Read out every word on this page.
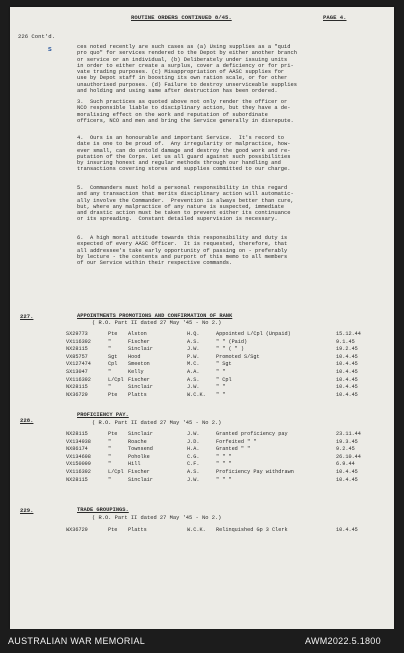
ROUTINE ORDERS CONTINUED 8/45.	PAGE 4.
226 Cont'd.
S	ces noted recently are such cases as (a) Using supplies as a "quid
pro quo" for services rendered to the Depot by either another branch
or service or an individual, (b) Deliberately under issuing units
in order to either create a surplus, cover a deficiency or for pri-
vate trading purposes. (c) Misappropriation of AASC supplies for
use by Depot staff in boosting its own ration scale, or for other
unauthorised purposes. (d) Failure to destroy unserviceable supplies
and holding and using same after destruction has been ordered.
3.  Such practices as quoted above not only render the officer or
NCO responsible liable to disciplinary action, but they have a de-
moralising effect on the work and reputation of subordinate
officers, NCO and men and bring the Service generally in disrepute.
4.  Ours is an honourable and important Service.  It's record to
date is one to be proud of.  Any irregularity or malpractice, how-
ever small, can do untold damage and destroy the good work and re-
putation of the Corps. Let us all guard against such possibilities
by insuring honest and regular methods through our handling and
transactions covering stores and supplies committed to our charge.
5.  Commanders must hold a personal responsibility in this regard
and any transaction that merits disciplinary action will automatic-
ally involve the Commander.  Prevention is always better than cure,
but, where any malpractice of any nature is suspected, immediate
and drastic action must be taken to prevent either its continuance
or its spreading.  Constant detailed supervision is necessary.
6.  A high moral attitude towards this responsibility and duty is
expected of every AASC Officer.  It is requested, therefore, that
all addressee's take early opportunity of passing on - preferably
by lecture - the contents and purport of this memo to all members
of our Service within their respective commands.
227.	APPOINTMENTS PROMOTIONS AND CONFIRMATION OF RANK
( R.O. Part II dated 27 May '45 - No 2.)
SX29773	Pte Alston	H.Q.	Appointed L/Cpl (Unpaid)	15.12.44
VX116392	"	Fischer	A.S.	" " (Paid)	9.1.45
NX28115	"	Sinclair	J.W.	" " ( " )	19.2.45
VX85757	Sgt Hood	P.W.	Promoted S/Sgt	10.4.45
VX127474	Cpl Smeeton	M.C.	" Sgt	10.4.45
SX13047	"	Kelly	A.A.	" "	10.4.45
VX116392	L/Cpl Fischer	A.S.	" Cpl	10.4.45
NX28115	"	Sinclair	J.W.	" "	10.4.45
NX36729	Pte Platts	W.C.K. " "	10.4.45
228.
PROFICIENCY PAY.
( R.O. Part II dated 27 May '45 - No 2.)
NX28115	Pte Sinclair	J.W.	Granted proficiency pay	23.11.44
VX134938	"	Roache	J.D.	Forfeited " "	19.3.45
NX86174	"	Townsend	H.A.	Granted " "	9.2.45
VX134698	"	Poholke	C.G.	" " "	26.10.44
VX150099	"	Hill	C.F.	" " "	6.9.44
VX116392	L/Cpl Fischer	A.S.	Proficiency Pay withdrawn	10.4.45
NX28115	"	Sinclair	J.W.	" " "	10.4.45
229.	TRADE GROUPINGS.
( R.O. Part II dated 27 May '45 - No 2.)
WX36729	Pte Platts	W.C.K. Relinquished Gp 3 Clerk	10.4.45
AUSTRALIAN WAR MEMORIAL	AWM2022.5.1800
